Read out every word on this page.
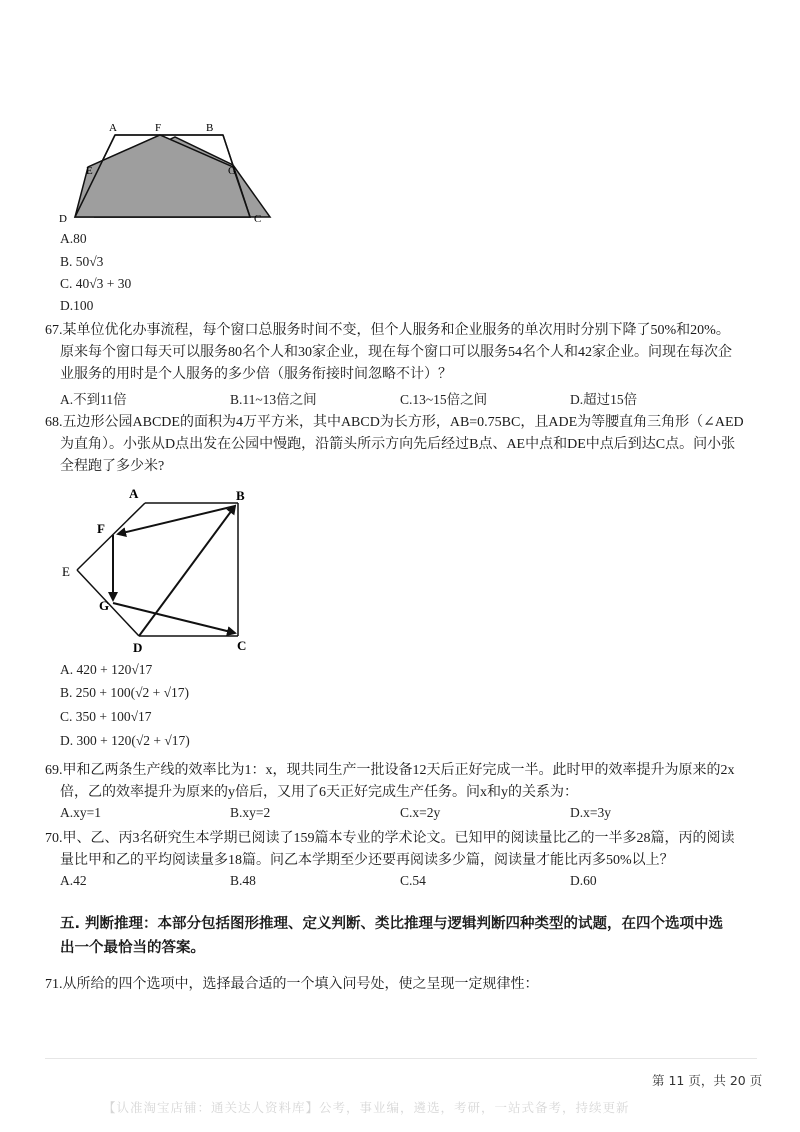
A	F	B
E	G
D	C
A.80
B. 50√3
C. 40√3 + 30
D.100
67.某单位优化办事流程，每个窗口总服务时间不变，但个人服务和企业服务的单次用时分别下降了50%和20%。
原来每个窗口每天可以服务80名个人和30家企业，现在每个窗口可以服务54名个人和42家企业。问现在每次企
业服务的用时是个人服务的多少倍（服务衔接时间忽略不计）？
A.不到11倍	B.11~13倍之间	C.13~15倍之间	D.超过15倍
68.五边形公园ABCDE的面积为4万平方米，其中ABCD为长方形，AB=0.75BC，且ADE为等腰直角三角形（∠AED
为直角）。小张从D点出发在公园中慢跑，沿箭头所示方向先后经过B点、AE中点和DE中点后到达C点。问小张
全程跑了多少米?
A	B
F
E
G
D	C
A. 420 + 120√17
B. 250 + 100(√2 + √17)
C. 350 + 100√17
D. 300 + 120(√2 + √17)
69.甲和乙两条生产线的效率比为1：x，现共同生产一批设备12天后正好完成一半。此时甲的效率提升为原来的2x
倍，乙的效率提升为原来的y倍后，又用了6天正好完成生产任务。问x和y的关系为：
A.xy=1	B.xy=2	C.x=2y	D.x=3y
70.甲、乙、丙3名研究生本学期已阅读了159篇本专业的学术论文。已知甲的阅读量比乙的一半多28篇，丙的阅读
量比甲和乙的平均阅读量多18篇。问乙本学期至少还要再阅读多少篇，阅读量才能比丙多50%以上？
A.42	B.48	C.54	D.60
五. 判断推理：本部分包括图形推理、定义判断、类比推理与逻辑判断四种类型的试题，在四个选项中选
出一个最恰当的答案。
71.从所给的四个选项中，选择最合适的一个填入问号处，使之呈现一定规律性：
第 11 页，共 20 页
【认准淘宝店铺：通关达人资料库】公考，事业编，遴选，考研，一站式备考，持续更新
